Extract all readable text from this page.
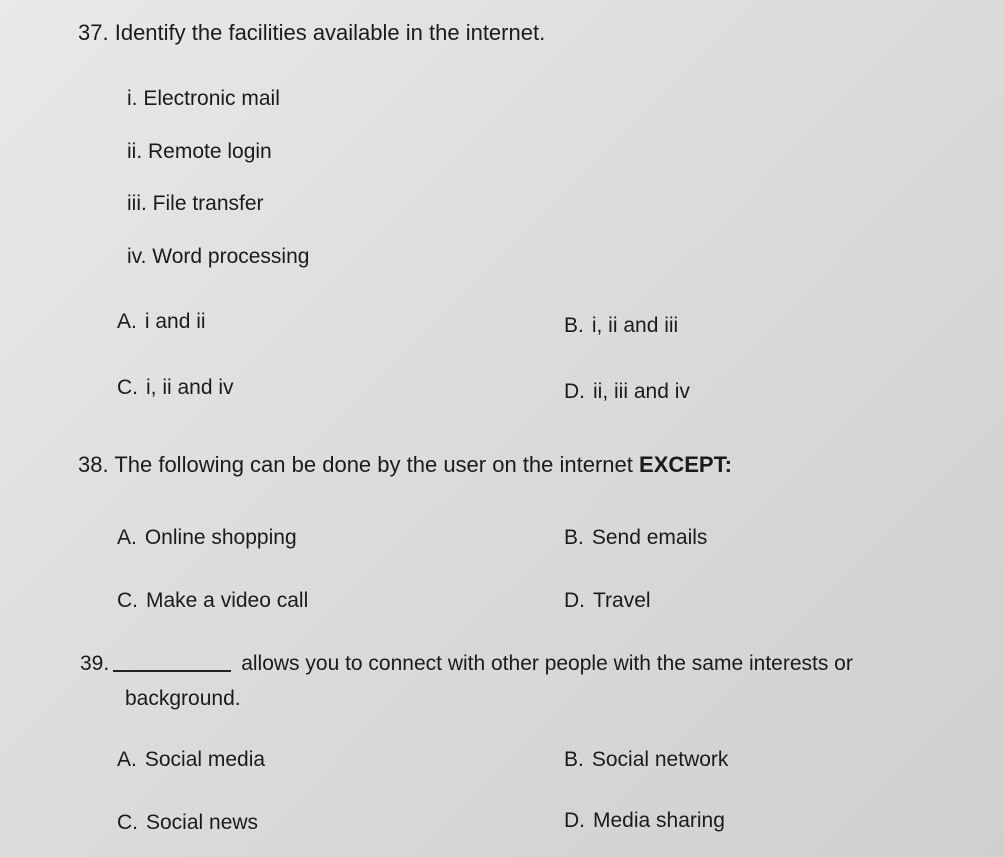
37. Identify the facilities available in the internet.
i. Electronic mail
ii. Remote login
iii. File transfer
iv. Word processing
A. i and ii	B. i, ii and iii
C. i, ii and iv	D. ii, iii and iv
38. The following can be done by the user on the internet EXCEPT:
A. Online shopping	B. Send emails
C. Make a video call	D. Travel
39.	allows you to connect with other people with the same interests or
background.
A. Social media	B. Social network
C. Social news	D. Media sharing
